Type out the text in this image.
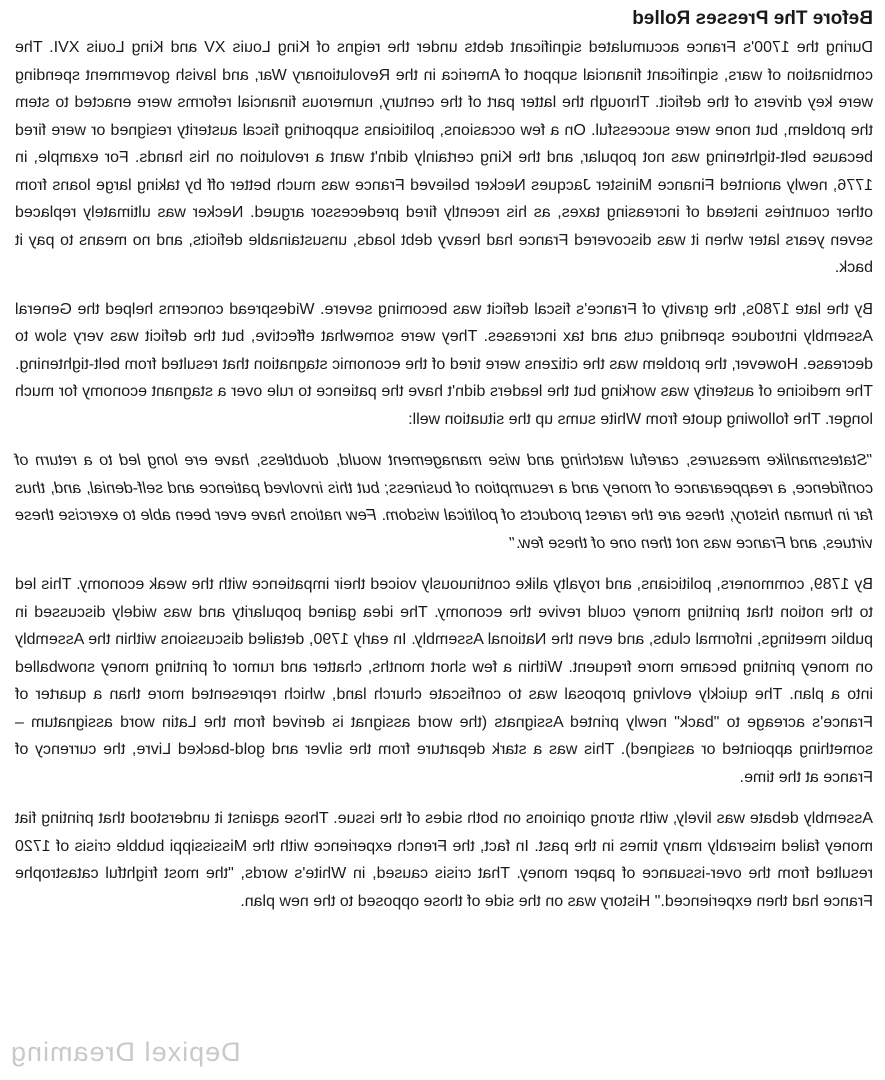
Before The Presses Rolled

During the 1700's France accumulated significant debts under the reigns of King Louis XV and King Louis XVI. The combination of wars, significant financial support of America in the Revolutionary War, and lavish government spending were key drivers of the deficit. Through the latter part of the century, numerous financial reforms were enacted to stem the problem, but none were successful. On a few occasions, politicians supporting fiscal austerity resigned or were fired because belt-tightening was not popular, and the King certainly didn't want a revolution on his hands. For example, in 1776, newly anointed Finance Minister Jacques Necker believed France was much better off by taking large loans from other countries instead of increasing taxes, as his recently fired predecessor argued. Necker was ultimately replaced seven years later when it was discovered France had heavy debt loads, unsustainable deficits, and no means to pay it back.

By the late 1780s, the gravity of France's fiscal deficit was becoming severe. Widespread concerns helped the General Assembly introduce spending cuts and tax increases. They were somewhat effective, but the deficit was very slow to decrease. However, the problem was the citizens were tired of the economic stagnation that resulted from belt-tightening. The medicine of austerity was working but the leaders didn't have the patience to rule over a stagnant economy for much longer. The following quote from White sums up the situation well:

"Statesmanlike measures, careful watching and wise management would, doubtless, have ere long led to a return of confidence, a reappearance of money and a resumption of business; but this involved patience and self-denial, and, thus far in human history, these are the rarest products of political wisdom. Few nations have ever been able to exercise these virtues, and France was not then one of these few."

By 1789, commoners, politicians, and royalty alike continuously voiced their impatience with the weak economy. This led to the notion that printing money could revive the economy. The idea gained popularity and was widely discussed in public meetings, informal clubs, and even the National Assembly. In early 1790, detailed discussions within the Assembly on money printing became more frequent. Within a few short months, chatter and rumor of printing money snowballed into a plan. The quickly evolving proposal was to confiscate church land, which represented more than a quarter of France's acreage to "back" newly printed Assignats (the word assignat is derived from the Latin word assignatum – something appointed or assigned). This was a stark departure from the silver and gold-backed Livre, the currency of France at the time.

Assembly debate was lively, with strong opinions on both sides of the issue. Those against it understood that printing fiat money failed miserably many times in the past. In fact, the French experience with the Mississippi bubble crisis of 1720 resulted from the over-issuance of paper money. That crisis caused, in White's words, "the most frightful catastrophe France had then experienced." History was on the side of those opposed to the new plan.

Depixel Dreaming
